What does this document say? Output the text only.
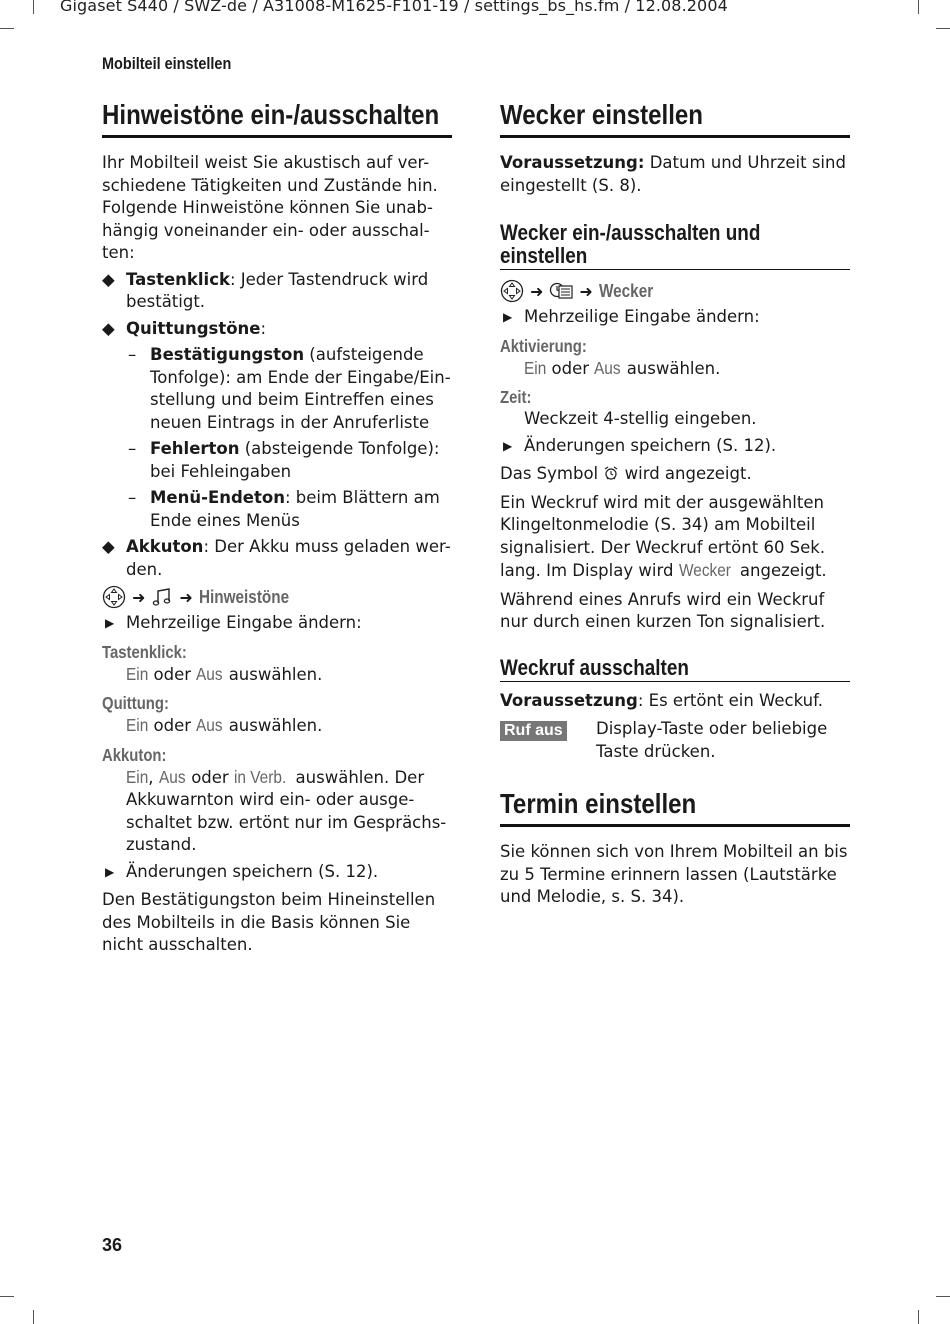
Gigaset S440 / SWZ-de / A31008-M1625-F101-19 / settings_bs_hs.fm / 12.08.2004
Mobilteil einstellen
Hinweistöne ein-/ausschalten

Ihr Mobilteil weist Sie akustisch auf ver-schiedene Tätigkeiten und Zustände hin. Folgende Hinweistöne können Sie unab-hängig voneinander ein- oder ausschal-ten:

◆ Tastenklick: Jeder Tastendruck wird bestätigt.

◆ Quittungstöne:

– Bestätigungston (aufsteigende Tonfolge): am Ende der Eingabe/Ein-stellung und beim Eintreffen eines neuen Eintrags in der Anruferliste

– Fehlerton (absteigende Tonfolge): bei Fehleingaben

– Menü-Endeton: beim Blättern am Ende eines Menüs

◆ Akkuton: Der Akku muss geladen wer-den.

➜ ➜ Hinweistöne

▶ Mehrzeilige Eingabe ändern:

Tastenklick:

Ein oder Aus auswählen.

Quittung:

Ein oder Aus auswählen.

Akkuton:

Ein, Aus oder in Verb. auswählen. Der Akkuwarnton wird ein- oder ausge-schaltet bzw. ertönt nur im Gesprächs-zustand.

▶ Änderungen speichern (S. 12).

Den Bestätigungston beim Hineinstellen des Mobilteils in die Basis können Sie nicht ausschalten.

Wecker einstellen

Voraussetzung: Datum und Uhrzeit sind eingestellt (S. 8).

Wecker ein-/ausschalten und einstellen
➜ ➜ Wecker

▶ Mehrzeilige Eingabe ändern:

Aktivierung:

Ein oder Aus auswählen.

Zeit:

Weckzeit 4-stellig eingeben.

▶ Änderungen speichern (S. 12).

Das Symbol  wird angezeigt.

Ein Weckruf wird mit der ausgewählten Klingeltonmelodie (S. 34) am Mobilteil signalisiert. Der Weckruf ertönt 60 Sek. lang. Im Display wird Wecker angezeigt.

Während eines Anrufs wird ein Weckruf nur durch einen kurzen Ton signalisiert.

Weckruf ausschalten

Voraussetzung: Es ertönt ein Weckuf.

Ruf aus	Display-Taste oder beliebige Taste drücken.

Termin einstellen

Sie können sich von Ihrem Mobilteil an bis zu 5 Termine erinnern lassen (Lautstärke und Melodie, s. S. 34).

36
